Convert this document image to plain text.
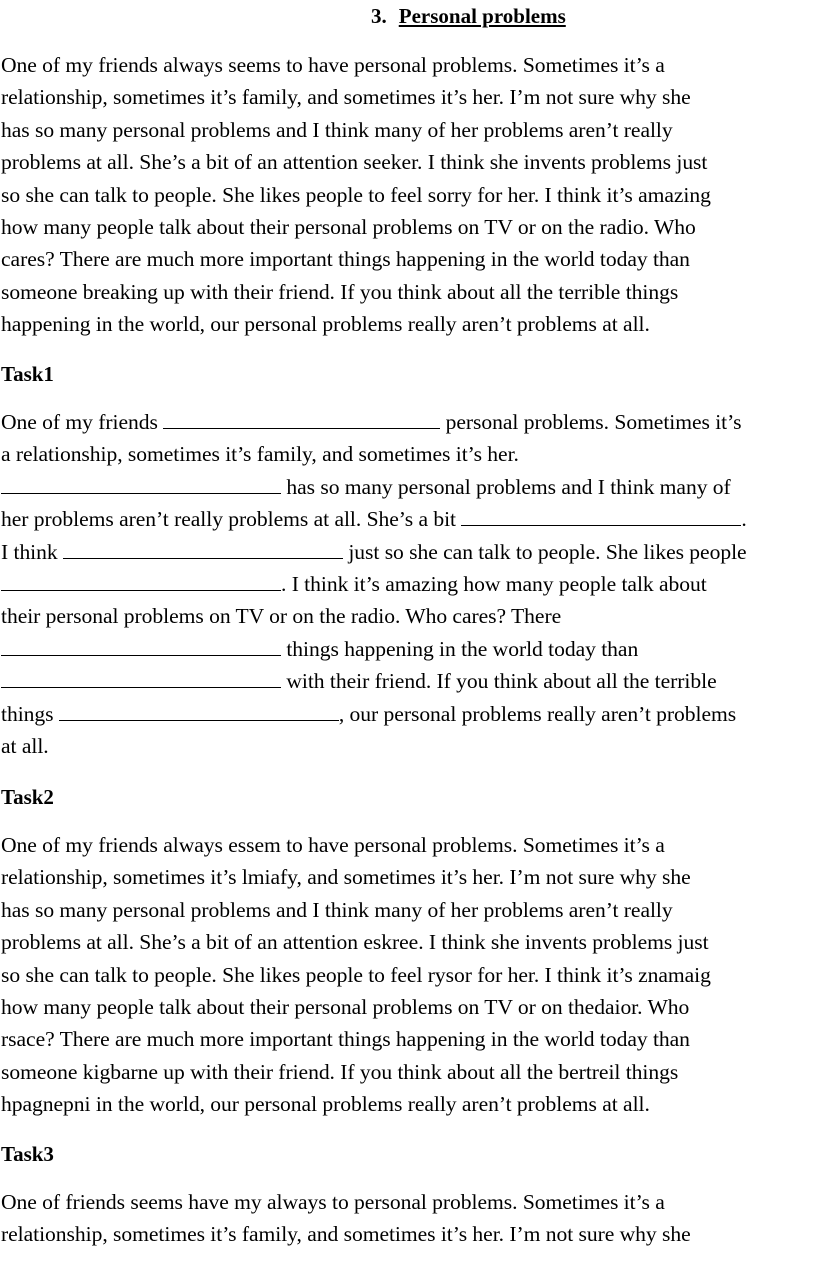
3. Personal problems
One of my friends always seems to have personal problems. Sometimes it’s a
relationship, sometimes it’s family, and sometimes it’s her. I’m not sure why she
has so many personal problems and I think many of her problems aren’t really
problems at all. She’s a bit of an attention seeker. I think she invents problems just
so she can talk to people. She likes people to feel sorry for her. I think it’s amazing
how many people talk about their personal problems on TV or on the radio. Who
cares? There are much more important things happening in the world today than
someone breaking up with their friend. If you think about all the terrible things
happening in the world, our personal problems really aren’t problems at all.
Task1
One of my friends	personal problems. Sometimes it’s
a relationship, sometimes it’s family, and sometimes it’s her.
has so many personal problems and I think many of
her problems aren’t really problems at all. She’s a bit	.
I think	just so she can talk to people. She likes people
. I think it’s amazing how many people talk about
their personal problems on TV or on the radio. Who cares? There
things happening in the world today than
with their friend. If you think about all the terrible
things	, our personal problems really aren’t problems
at all.
Task2
One of my friends always essem to have personal problems. Sometimes it’s a
relationship, sometimes it’s lmiafy, and sometimes it’s her. I’m not sure why she
has so many personal problems and I think many of her problems aren’t really
problems at all. She’s a bit of an attention eskree. I think she invents problems just
so she can talk to people. She likes people to feel rysor for her. I think it’s znamaig
how many people talk about their personal problems on TV or on thedaior. Who
rsace? There are much more important things happening in the world today than
someone kigbarne up with their friend. If you think about all the bertreil things
hpagnepni in the world, our personal problems really aren’t problems at all.
Task3
One of friends seems have my always to personal problems. Sometimes it’s a
relationship, sometimes it’s family, and sometimes it’s her. I’m not sure why she
